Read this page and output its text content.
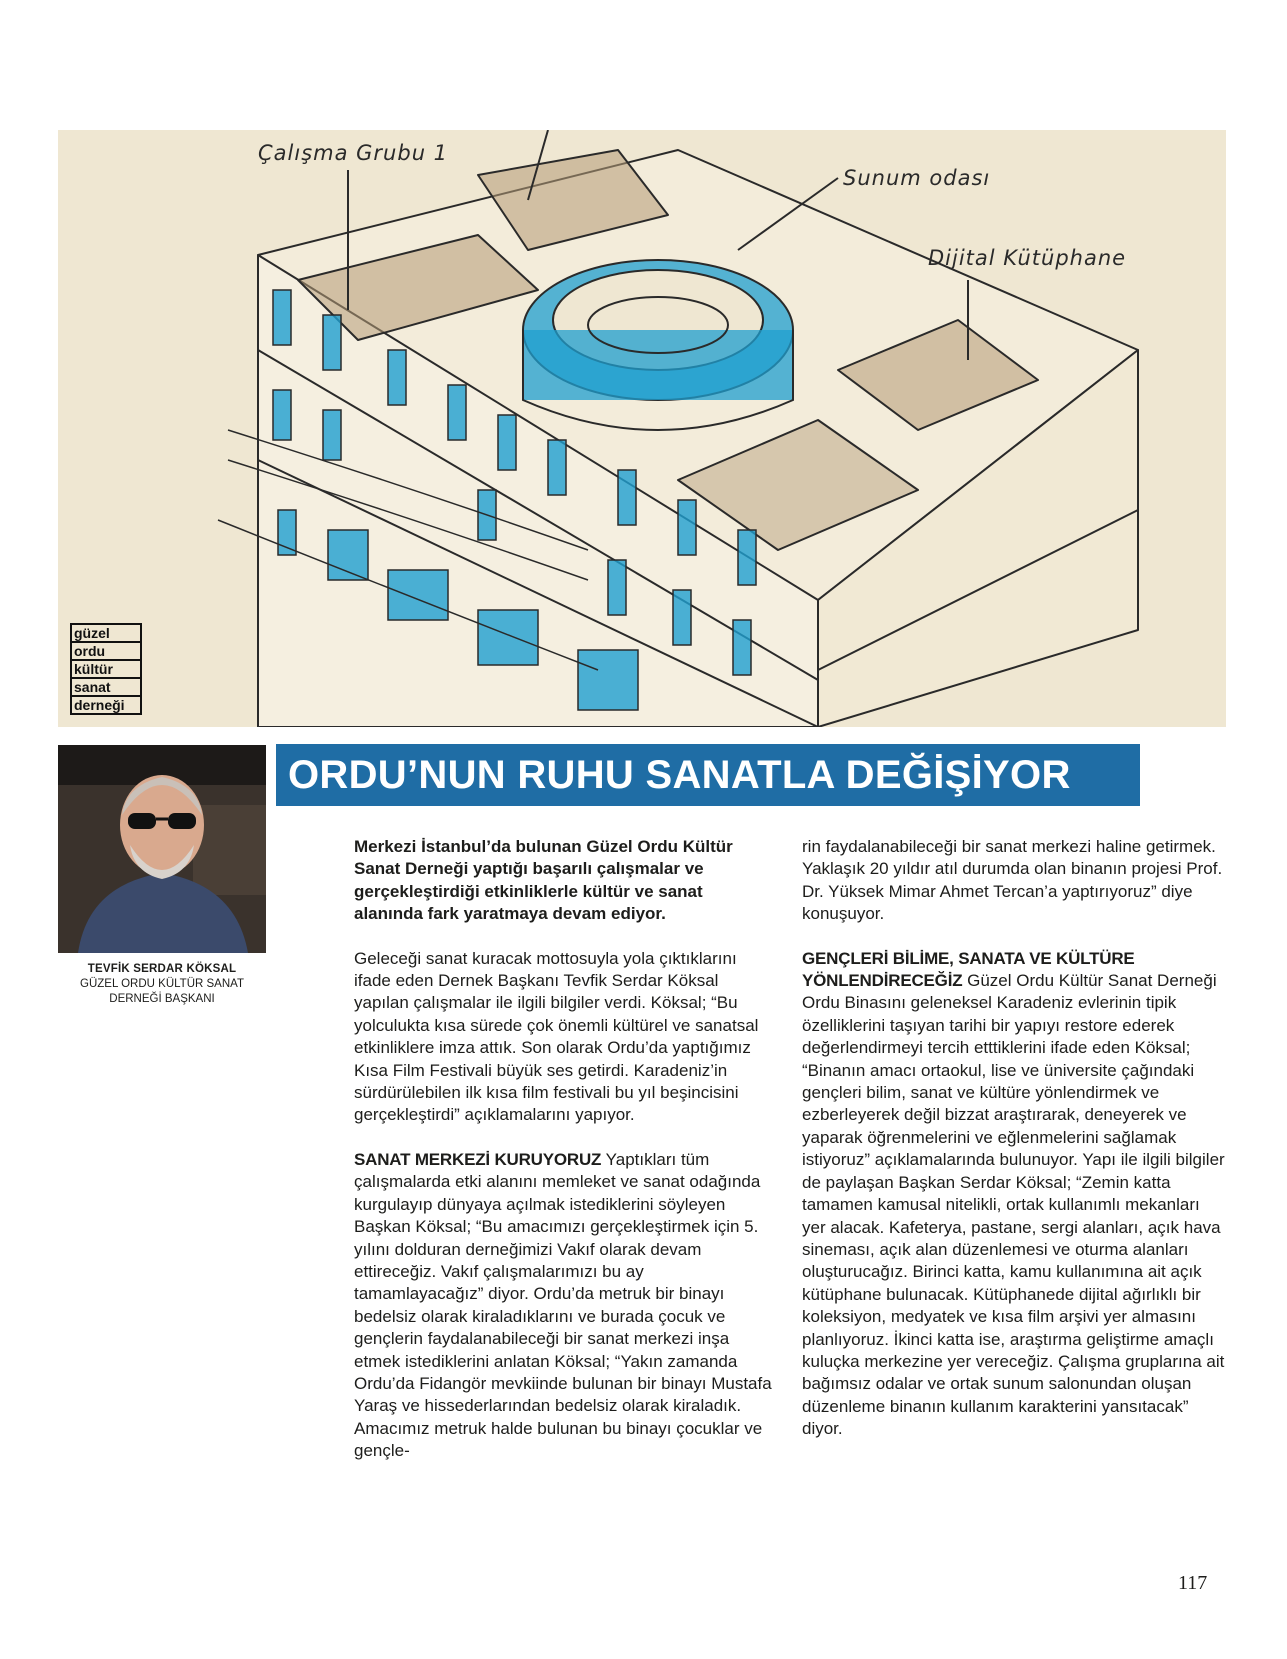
Çalışma Grubu 1
Sunum odası
Dijital Kütüphane
güzel
ordu
kültür
sanat
derneği
TEVFİK SERDAR KÖKSAL
GÜZEL ORDU KÜLTÜR SANAT
DERNEĞİ BAŞKANI
ORDU’NUN RUHU SANATLA DEĞİŞİYOR

Merkezi İstanbul’da bulunan Güzel Ordu Kültür Sanat Derneği yaptığı başarılı çalışmalar ve gerçekleştirdiği etkinliklerle kültür ve sanat alanında fark yaratmaya devam ediyor.

Geleceği sanat kuracak mottosuyla yola çıktıklarını ifade eden Dernek Başkanı Tevfik Serdar Köksal yapılan çalışmalar ile ilgili bilgiler verdi. Köksal; “Bu yolculukta kısa sürede çok önemli kültürel ve sanatsal etkinliklere imza attık. Son olarak Ordu’da yaptığımız Kısa Film Festivali büyük ses getirdi. Karadeniz’in sürdürülebilen ilk kısa film festivali bu yıl beşincisini gerçekleştirdi” açıklamalarını yapıyor.

SANAT MERKEZİ KURUYORUZ Yaptıkları tüm çalışmalarda etki alanını memleket ve sanat odağında kurgulayıp dünyaya açılmak istediklerini söyleyen Başkan Köksal; “Bu amacımızı gerçekleştirmek için 5. yılını dolduran derneğimizi Vakıf olarak devam ettireceğiz. Vakıf çalışmalarımızı bu ay tamamlayacağız” diyor. Ordu’da metruk bir binayı bedelsiz olarak kiraladıklarını ve burada çocuk ve gençlerin faydalanabileceği bir sanat merkezi inşa etmek istediklerini anlatan Köksal; “Yakın zamanda Ordu’da Fidangör mevkiinde bulunan bir binayı Mustafa Yaraş ve hissederlarından bedelsiz olarak kiraladık. Amacımız metruk halde bulunan bu binayı çocuklar ve gençle-

rin faydalanabileceği bir sanat merkezi haline getirmek. Yaklaşık 20 yıldır atıl durumda olan binanın projesi Prof. Dr. Yüksek Mimar Ahmet Tercan’a yaptırıyoruz” diye konuşuyor.

GENÇLERİ BİLİME, SANATA VE KÜLTÜRE YÖNLENDİRECEĞİZ Güzel Ordu Kültür Sanat Derneği Ordu Binasını geleneksel Karadeniz evlerinin tipik özelliklerini taşıyan tarihi bir yapıyı restore ederek değerlendirmeyi tercih etttiklerini ifade eden Köksal; “Binanın amacı ortaokul, lise ve üniversite çağındaki gençleri bilim, sanat ve kültüre yönlendirmek ve ezberleyerek değil bizzat araştırarak, deneyerek ve yaparak öğrenmelerini ve eğlenmelerini sağlamak istiyoruz” açıklamalarında bulunuyor. Yapı ile ilgili bilgiler de paylaşan Başkan Serdar Köksal; “Zemin katta tamamen kamusal nitelikli, ortak kullanımlı mekanları yer alacak. Kafeterya, pastane, sergi alanları, açık hava sineması, açık alan düzenlemesi ve oturma alanları oluşturucağız. Birinci katta, kamu kullanımına ait açık kütüphane bulunacak. Kütüphanede dijital ağırlıklı bir koleksiyon, medyatek ve kısa film arşivi yer almasını planlıyoruz. İkinci katta ise, araştırma geliştirme amaçlı kuluçka merkezine yer vereceğiz. Çalışma gruplarına ait bağımsız odalar ve ortak sunum salonundan oluşan düzenleme binanın kullanım karakterini yansıtacak” diyor.

117
